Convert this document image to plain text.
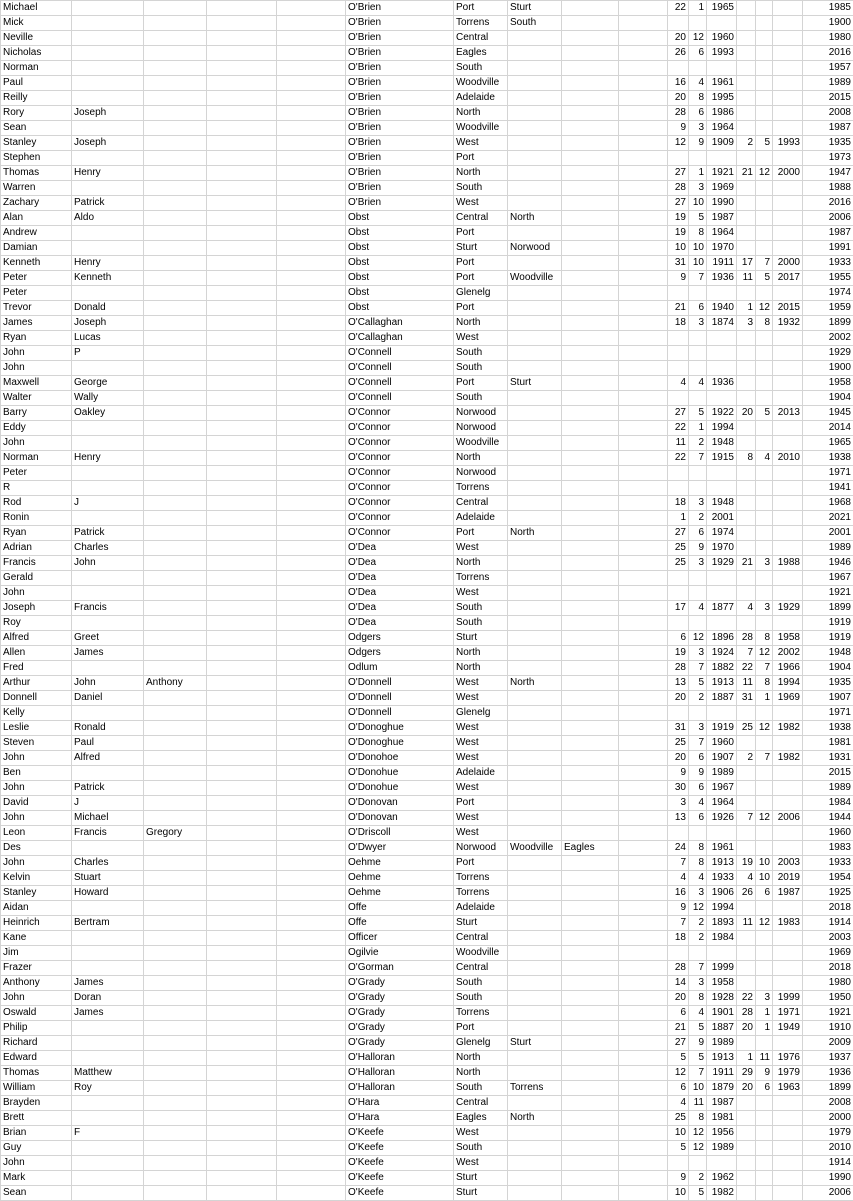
Michael					O'Brien	Port	Sturt			22	1	1965				1985
Mick					O'Brien	Torrens	South									1900
Neville					O'Brien	Central				20	12	1960				1980
Nicholas					O'Brien	Eagles				26	6	1993				2016
Norman					O'Brien	South										1957
Paul					O'Brien	Woodville				16	4	1961				1989
Reilly					O'Brien	Adelaide				20	8	1995				2015
Rory	Joseph				O'Brien	North				28	6	1986				2008
Sean					O'Brien	Woodville				9	3	1964				1987
Stanley	Joseph				O'Brien	West				12	9	1909	2	5	1993	1935
Stephen					O'Brien	Port										1973
Thomas	Henry				O'Brien	North				27	1	1921	21	12	2000	1947
Warren					O'Brien	South				28	3	1969				1988
Zachary	Patrick				O'Brien	West				27	10	1990				2016
Alan	Aldo				Obst	Central	North			19	5	1987				2006
Andrew					Obst	Port				19	8	1964				1987
Damian					Obst	Sturt	Norwood			10	10	1970				1991
Kenneth	Henry				Obst	Port				31	10	1911	17	7	2000	1933
Peter	Kenneth				Obst	Port	Woodville			9	7	1936	11	5	2017	1955
Peter					Obst	Glenelg										1974
Trevor	Donald				Obst	Port				21	6	1940	1	12	2015	1959
James	Joseph				O'Callaghan	North				18	3	1874	3	8	1932	1899
Ryan	Lucas				O'Callaghan	West										2002
John	P				O'Connell	South										1929
John					O'Connell	South										1900
Maxwell	George				O'Connell	Port	Sturt			4	4	1936				1958
Walter	Wally				O'Connell	South										1904
Barry	Oakley				O'Connor	Norwood				27	5	1922	20	5	2013	1945
Eddy					O'Connor	Norwood				22	1	1994				2014
John					O'Connor	Woodville				11	2	1948				1965
Norman	Henry				O'Connor	North				22	7	1915	8	4	2010	1938
Peter					O'Connor	Norwood										1971
R					O'Connor	Torrens										1941
Rod	J				O'Connor	Central				18	3	1948				1968
Ronin					O'Connor	Adelaide				1	2	2001				2021
Ryan	Patrick				O'Connor	Port	North			27	6	1974				2001
Adrian	Charles				O'Dea	West				25	9	1970				1989
Francis	John				O'Dea	North				25	3	1929	21	3	1988	1946
Gerald					O'Dea	Torrens										1967
John					O'Dea	West										1921
Joseph	Francis				O'Dea	South				17	4	1877	4	3	1929	1899
Roy					O'Dea	South										1919
Alfred	Greet				Odgers	Sturt				6	12	1896	28	8	1958	1919
Allen	James				Odgers	North				19	3	1924	7	12	2002	1948
Fred					Odlum	North				28	7	1882	22	7	1966	1904
Arthur	John	Anthony			O'Donnell	West	North			13	5	1913	11	8	1994	1935
Donnell	Daniel				O'Donnell	West				20	2	1887	31	1	1969	1907
Kelly					O'Donnell	Glenelg										1971
Leslie	Ronald				O'Donoghue	West				31	3	1919	25	12	1982	1938
Steven	Paul				O'Donoghue	West				25	7	1960				1981
John	Alfred				O'Donohoe	West				20	6	1907	2	7	1982	1931
Ben					O'Donohue	Adelaide				9	9	1989				2015
John	Patrick				O'Donohue	West				30	6	1967				1989
David	J				O'Donovan	Port				3	4	1964				1984
John	Michael				O'Donovan	West				13	6	1926	7	12	2006	1944
Leon	Francis	Gregory			O'Driscoll	West										1960
Des					O'Dwyer	Norwood	Woodville	Eagles		24	8	1961				1983
John	Charles				Oehme	Port				7	8	1913	19	10	2003	1933
Kelvin	Stuart				Oehme	Torrens				4	4	1933	4	10	2019	1954
Stanley	Howard				Oehme	Torrens				16	3	1906	26	6	1987	1925
Aidan					Offe	Adelaide				9	12	1994				2018
Heinrich	Bertram				Offe	Sturt				7	2	1893	11	12	1983	1914
Kane					Officer	Central				18	2	1984				2003
Jim					Ogilvie	Woodville										1969
Frazer					O'Gorman	Central				28	7	1999				2018
Anthony	James				O'Grady	South				14	3	1958				1980
John	Doran				O'Grady	South				20	8	1928	22	3	1999	1950
Oswald	James				O'Grady	Torrens				6	4	1901	28	1	1971	1921
Philip					O'Grady	Port				21	5	1887	20	1	1949	1910
Richard					O'Grady	Glenelg	Sturt			27	9	1989				2009
Edward					O'Halloran	North				5	5	1913	1	11	1976	1937
Thomas	Matthew				O'Halloran	North				12	7	1911	29	9	1979	1936
William	Roy				O'Halloran	South	Torrens			6	10	1879	20	6	1963	1899
Brayden					O'Hara	Central				4	11	1987				2008
Brett					O'Hara	Eagles	North			25	8	1981				2000
Brian	F				O'Keefe	West				10	12	1956				1979
Guy					O'Keefe	South				5	12	1989				2010
John					O'Keefe	West										1914
Mark					O'Keefe	Sturt				9	2	1962				1990
Sean					O'Keefe	Sturt				10	5	1982				2006
